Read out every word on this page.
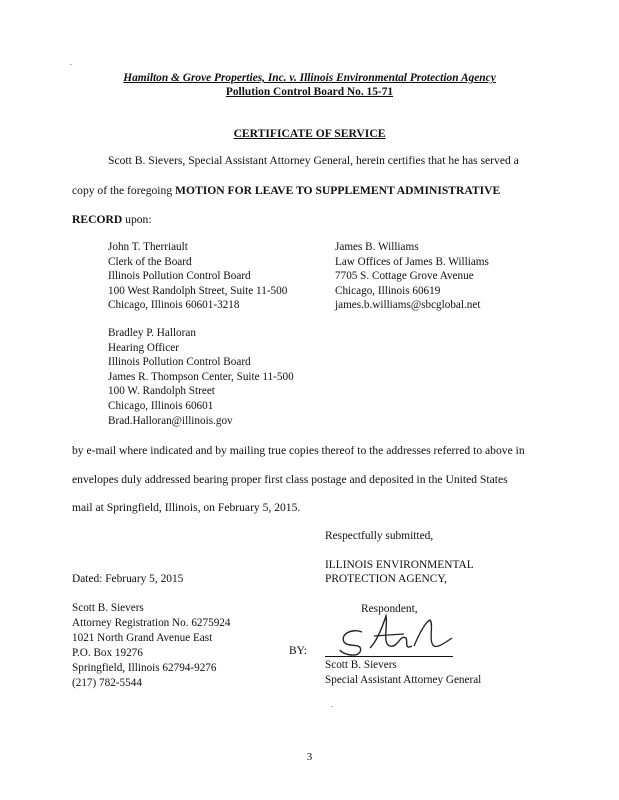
.
Hamilton & Grove Properties, Inc. v. Illinois Environmental Protection Agency
Pollution Control Board No. 15-71
CERTIFICATE OF SERVICE
Scott B. Sievers, Special Assistant Attorney General, herein certifies that he has served a
copy of the foregoing MOTION FOR LEAVE TO SUPPLEMENT ADMINISTRATIVE
RECORD upon:
John T. Therriault
Clerk of the Board
Illinois Pollution Control Board
100 West Randolph Street, Suite 11-500
Chicago, Illinois 60601-3218
James B. Williams
Law Offices of James B. Williams
7705 S. Cottage Grove Avenue
Chicago, Illinois 60619
james.b.williams@sbcglobal.net
Bradley P. Halloran
Hearing Officer
Illinois Pollution Control Board
James R. Thompson Center, Suite 11-500
100 W. Randolph Street
Chicago, Illinois 60601
Brad.Halloran@illinois.gov
by e-mail where indicated and by mailing true copies thereof to the addresses referred to above in
envelopes duly addressed bearing proper first class postage and deposited in the United States
mail at Springfield, Illinois, on February 5, 2015.
Respectfully submitted,
ILLINOIS ENVIRONMENTAL
PROTECTION AGENCY,
Dated: February 5, 2015
Respondent,
Scott B. Sievers
Attorney Registration No. 6275924
1021 North Grand Avenue East
P.O. Box 19276
Springfield, Illinois 62794-9276
(217) 782-5544
BY:
Scott B. Sievers
Special Assistant Attorney General
.
3
